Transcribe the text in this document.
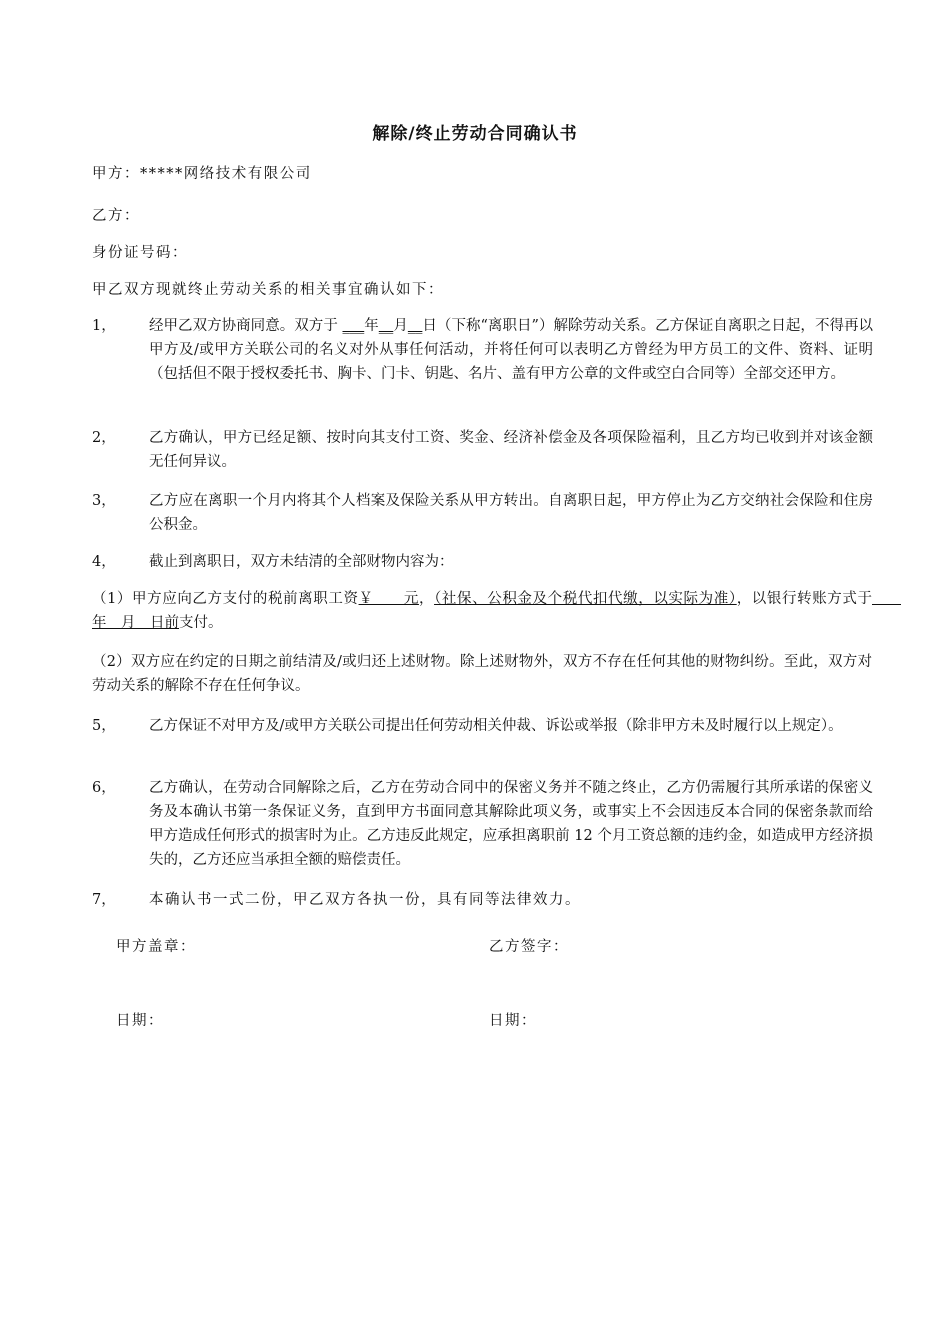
解除/终止劳动合同确认书
甲方：*****网络技术有限公司
乙方：
身份证号码：
甲乙双方现就终止劳动关系的相关事宜确认如下：
1， 经甲乙双方协商同意。双方于 ___年__月__日（下称“离职日”）解除劳动关系。乙方保证自离职之日起，不得再以甲方及/或甲方关联公司的名义对外从事任何活动，并将任何可以表明乙方曾经为甲方员工的文件、资料、证明（包括但不限于授权委托书、胸卡、门卡、钥匙、名片、盖有甲方公章的文件或空白合同等）全部交还甲方。
2， 乙方确认，甲方已经足额、按时向其支付工资、奖金、经济补偿金及各项保险福利，且乙方均已收到并对该金额无任何异议。
3， 乙方应在离职一个月内将其个人档案及保险关系从甲方转出。自离职日起，甲方停止为乙方交纳社会保险和住房公积金。
4， 截止到离职日，双方未结清的全部财物内容为：
（1）甲方应向乙方支付的税前离职工资￥　　元，（社保、公积金及个税代扣代缴，以实际为准），以银行转账方式于　　年　月　日前支付。
（2）双方应在约定的日期之前结清及/或归还上述财物。除上述财物外，双方不存在任何其他的财物纠纷。至此，双方对劳动关系的解除不存在任何争议。
5， 乙方保证不对甲方及/或甲方关联公司提出任何劳动相关仲裁、诉讼或举报（除非甲方未及时履行以上规定）。
6， 乙方确认，在劳动合同解除之后，乙方在劳动合同中的保密义务并不随之终止，乙方仍需履行其所承诺的保密义务及本确认书第一条保证义务，直到甲方书面同意其解除此项义务，或事实上不会因违反本合同的保密条款而给甲方造成任何形式的损害时为止。乙方违反此规定，应承担离职前 12 个月工资总额的违约金，如造成甲方经济损失的，乙方还应当承担全额的赔偿责任。
7， 本确认书一式二份，甲乙双方各执一份，具有同等法律效力。
甲方盖章：	乙方签字：
日期：	日期：
